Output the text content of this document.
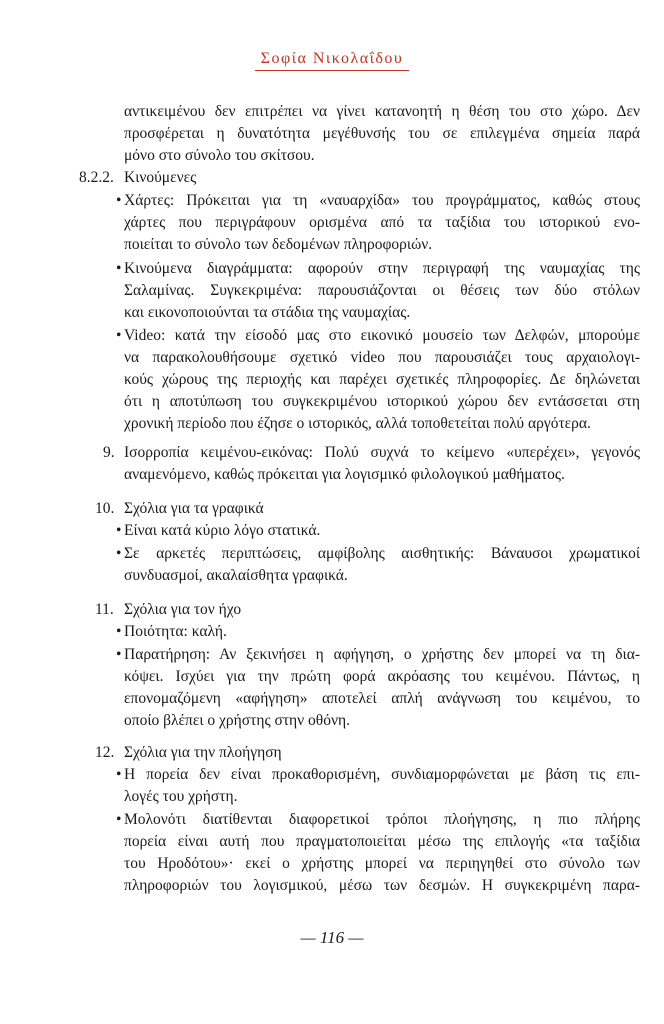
Σοφία Νικολαΐδου
αντικειμένου δεν επιτρέπει να γίνει κατανοητή η θέση του στο χώρο. Δεν
προσφέρεται η δυνατότητα μεγέθυνσής του σε επιλεγμένα σημεία παρά
μόνο στο σύνολο του σκίτσου.
8.2.2. Κινούμενες
• Χάρτες: Πρόκειται για τη «ναυαρχίδα» του προγράμματος, καθώς στους
χάρτες που περιγράφουν ορισμένα από τα ταξίδια του ιστορικού ενο-
ποιείται το σύνολο των δεδομένων πληροφοριών.
• Κινούμενα διαγράμματα: αφορούν στην περιγραφή της ναυμαχίας της
Σαλαμίνας. Συγκεκριμένα: παρουσιάζονται οι θέσεις των δύο στόλων
και εικονοποιούνται τα στάδια της ναυμαχίας.
• Video: κατά την είσοδό μας στο εικονικό μουσείο των Δελφών, μπορούμε
να παρακολουθήσουμε σχετικό video που παρουσιάζει τους αρχαιολογι-
κούς χώρους της περιοχής και παρέχει σχετικές πληροφορίες. Δε δηλώνεται
ότι η αποτύπωση του συγκεκριμένου ιστορικού χώρου δεν εντάσσεται στη
χρονική περίοδο που έζησε ο ιστορικός, αλλά τοποθετείται πολύ αργότερα.
9. Ισορροπία κειμένου-εικόνας: Πολύ συχνά το κείμενο «υπερέχει», γεγονός
αναμενόμενο, καθώς πρόκειται για λογισμικό φιλολογικού μαθήματος.
10. Σχόλια για τα γραφικά
• Είναι κατά κύριο λόγο στατικά.
• Σε αρκετές περιπτώσεις, αμφίβολης αισθητικής: Βάναυσοι χρωματικοί
συνδυασμοί, ακαλαίσθητα γραφικά.
11. Σχόλια για τον ήχο
• Ποιότητα: καλή.
• Παρατήρηση: Αν ξεκινήσει η αφήγηση, ο χρήστης δεν μπορεί να τη δια-
κόψει. Ισχύει για την πρώτη φορά ακρόασης του κειμένου. Πάντως, η
επονομαζόμενη «αφήγηση» αποτελεί απλή ανάγνωση του κειμένου, το
οποίο βλέπει ο χρήστης στην οθόνη.
12. Σχόλια για την πλοήγηση
• Η πορεία δεν είναι προκαθορισμένη, συνδιαμορφώνεται με βάση τις επι-
λογές του χρήστη.
• Μολονότι διατίθενται διαφορετικοί τρόποι πλοήγησης, η πιο πλήρης
πορεία είναι αυτή που πραγματοποιείται μέσω της επιλογής «τα ταξίδια
του Ηροδότου»· εκεί ο χρήστης μπορεί να περιηγηθεί στο σύνολο των
πληροφοριών του λογισμικού, μέσω των δεσμών. Η συγκεκριμένη παρα-
— 116 —
